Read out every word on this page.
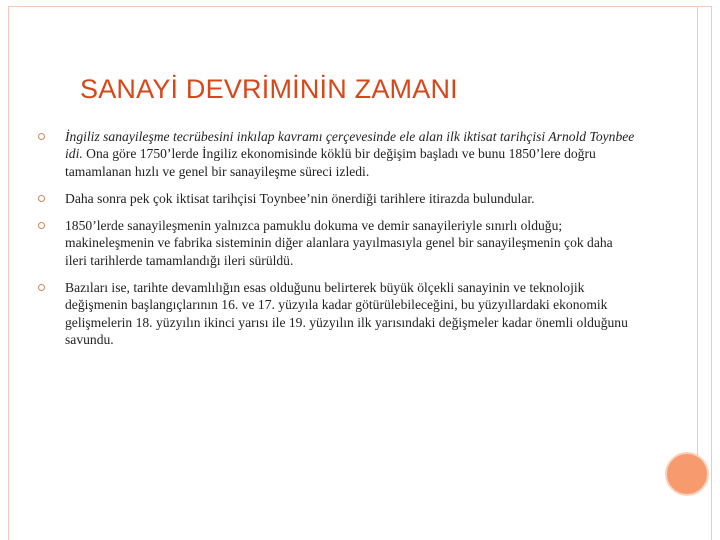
SANAYİ DEVRİMİNİN ZAMANI
İngiliz sanayileşme tecrübesini inkılap kavramı çerçevesinde ele alan ilk iktisat tarihçisi Arnold Toynbee idi. Ona göre 1750’lerde İngiliz ekonomisinde köklü bir değişim başladı ve bunu 1850’lere doğru tamamlanan hızlı ve genel bir sanayileşme süreci izledi.
Daha sonra pek çok iktisat tarihçisi Toynbee’nin önerdiği tarihlere itirazda bulundular.
1850’lerde sanayileşmenin yalnızca pamuklu dokuma ve demir sanayileriyle sınırlı olduğu; makineleşmenin ve fabrika sisteminin diğer alanlara yayılmasıyla genel bir sanayileşmenin çok daha ileri tarihlerde tamamlandığı ileri sürüldü.
Bazıları ise, tarihte devamlılığın esas olduğunu belirterek büyük ölçekli sanayinin ve teknolojik değişmenin başlangıçlarının 16. ve 17. yüzyıla kadar götürülebileceğini, bu yüzyıllardaki ekonomik gelişmelerin 18. yüzyılın ikinci yarısı ile 19. yüzyılın ilk yarısındaki değişmeler kadar önemli olduğunu savundu.
